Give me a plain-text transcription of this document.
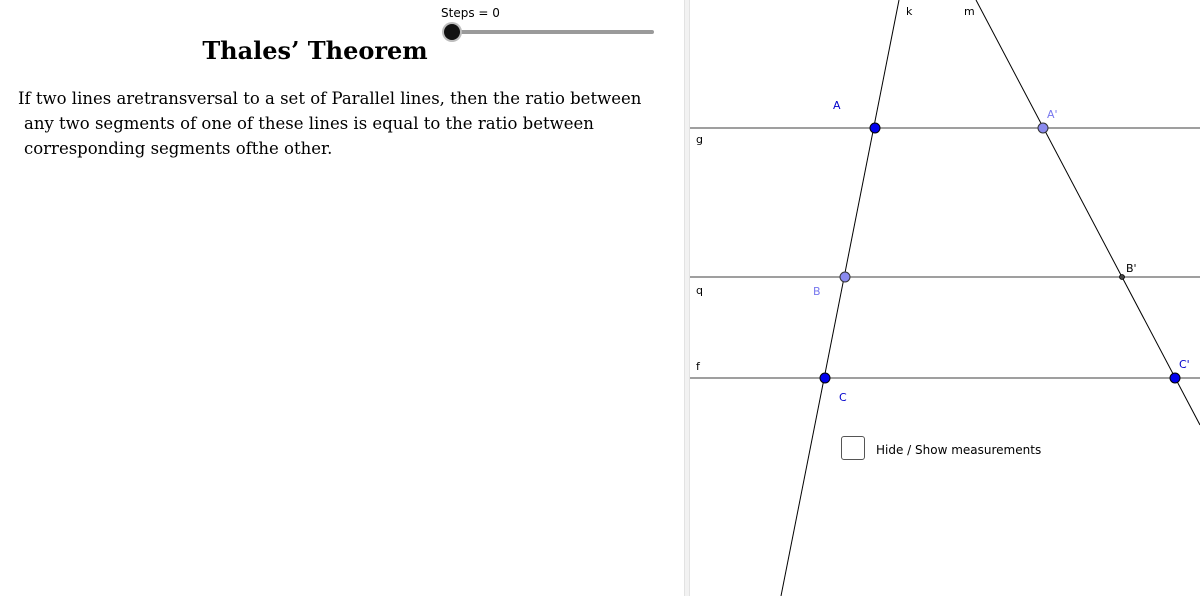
Steps = 0
Thales’ Theorem
If two lines aretransversal to a set of Parallel lines, then the ratio between
any two segments of one of these lines is equal to the ratio between
corresponding segments ofthe other.
k	m
g
q
f
A
A'
B
B'
C
C'
Hide / Show measurements
